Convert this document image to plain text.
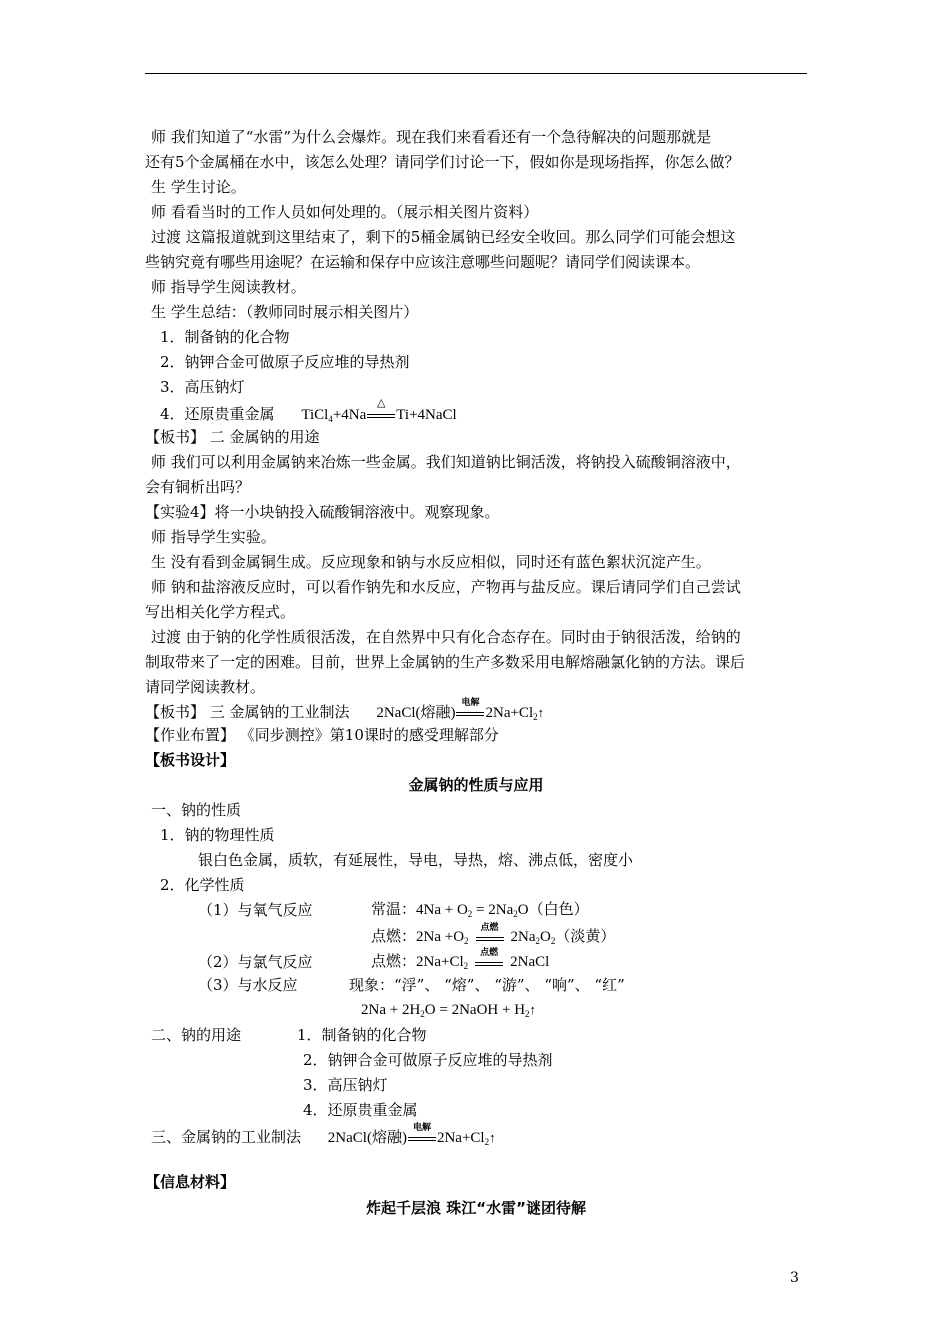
师 我们知道了“水雷”为什么会爆炸。现在我们来看看还有一个急待解决的问题那就是
还有5个金属桶在水中，该怎么处理？请同学们讨论一下，假如你是现场指挥，你怎么做？
生 学生讨论。
师 看看当时的工作人员如何处理的。（展示相关图片资料）
过渡 这篇报道就到这里结束了，剩下的5桶金属钠已经安全收回。那么同学们可能会想这
些钠究竟有哪些用途呢？在运输和保存中应该注意哪些问题呢？请同学们阅读课本。
师 指导学生阅读教材。
生 学生总结：（教师同时展示相关图片）
1．制备钠的化合物
2．钠钾合金可做原子反应堆的导热剂
3．高压钠灯
4．还原贵重金属 TiCl$_4$+4Na
△
Ti+4NaCl
【板书】 二 金属钠的用途
师 我们可以利用金属钠来冶炼一些金属。我们知道钠比铜活泼，将钠投入硫酸铜溶液中，
会有铜析出吗？
【实验4】将一小块钠投入硫酸铜溶液中。观察现象。
师 指导学生实验。
生 没有看到金属铜生成。反应现象和钠与水反应相似，同时还有蓝色絮状沉淀产生。
师 钠和盐溶液反应时，可以看作钠先和水反应，产物再与盐反应。课后请同学们自己尝试
写出相关化学方程式。
过渡 由于钠的化学性质很活泼，在自然界中只有化合态存在。同时由于钠很活泼，给钠的
制取带来了一定的困难。目前，世界上金属钠的生产多数采用电解熔融氯化钠的方法。课后
请同学阅读教材。
【板书】 三 金属钠的工业制法 2NaCl(熔融)
电解
$2Na+Cl_2↑$
【作业布置】 《同步测控》第10课时的感受理解部分
【板书设计】
金属钠的性质与应用
一、钠的性质
1．钠的物理性质
银白色金属，质软，有延展性，导电，导热，熔、沸点低，密度小
2．化学性质
（1）与氧气反应	常温：$4Na + O_2 = 2Na_2O$（白色）
点燃：$2Na +O_2$
点燃
$2Na_2O_2$（淡黄）
（2）与氯气反应	点燃：$2Na+Cl_2$
点燃
2NaCl
（3）与水反应	现象：“浮”、 “熔”、 “游”、 “响”、 “红”
$2Na + 2H_2O$ = 2NaOH + $H_2↑$
二、钠的用途	1．制备钠的化合物
2．钠钾合金可做原子反应堆的导热剂
3．高压钠灯
4．还原贵重金属
三、金属钠的工业制法 2NaCl(熔融)
电解
$2Na+Cl_2↑$
【信息材料】
炸起千层浪 珠江“水雷”谜团待解
3
